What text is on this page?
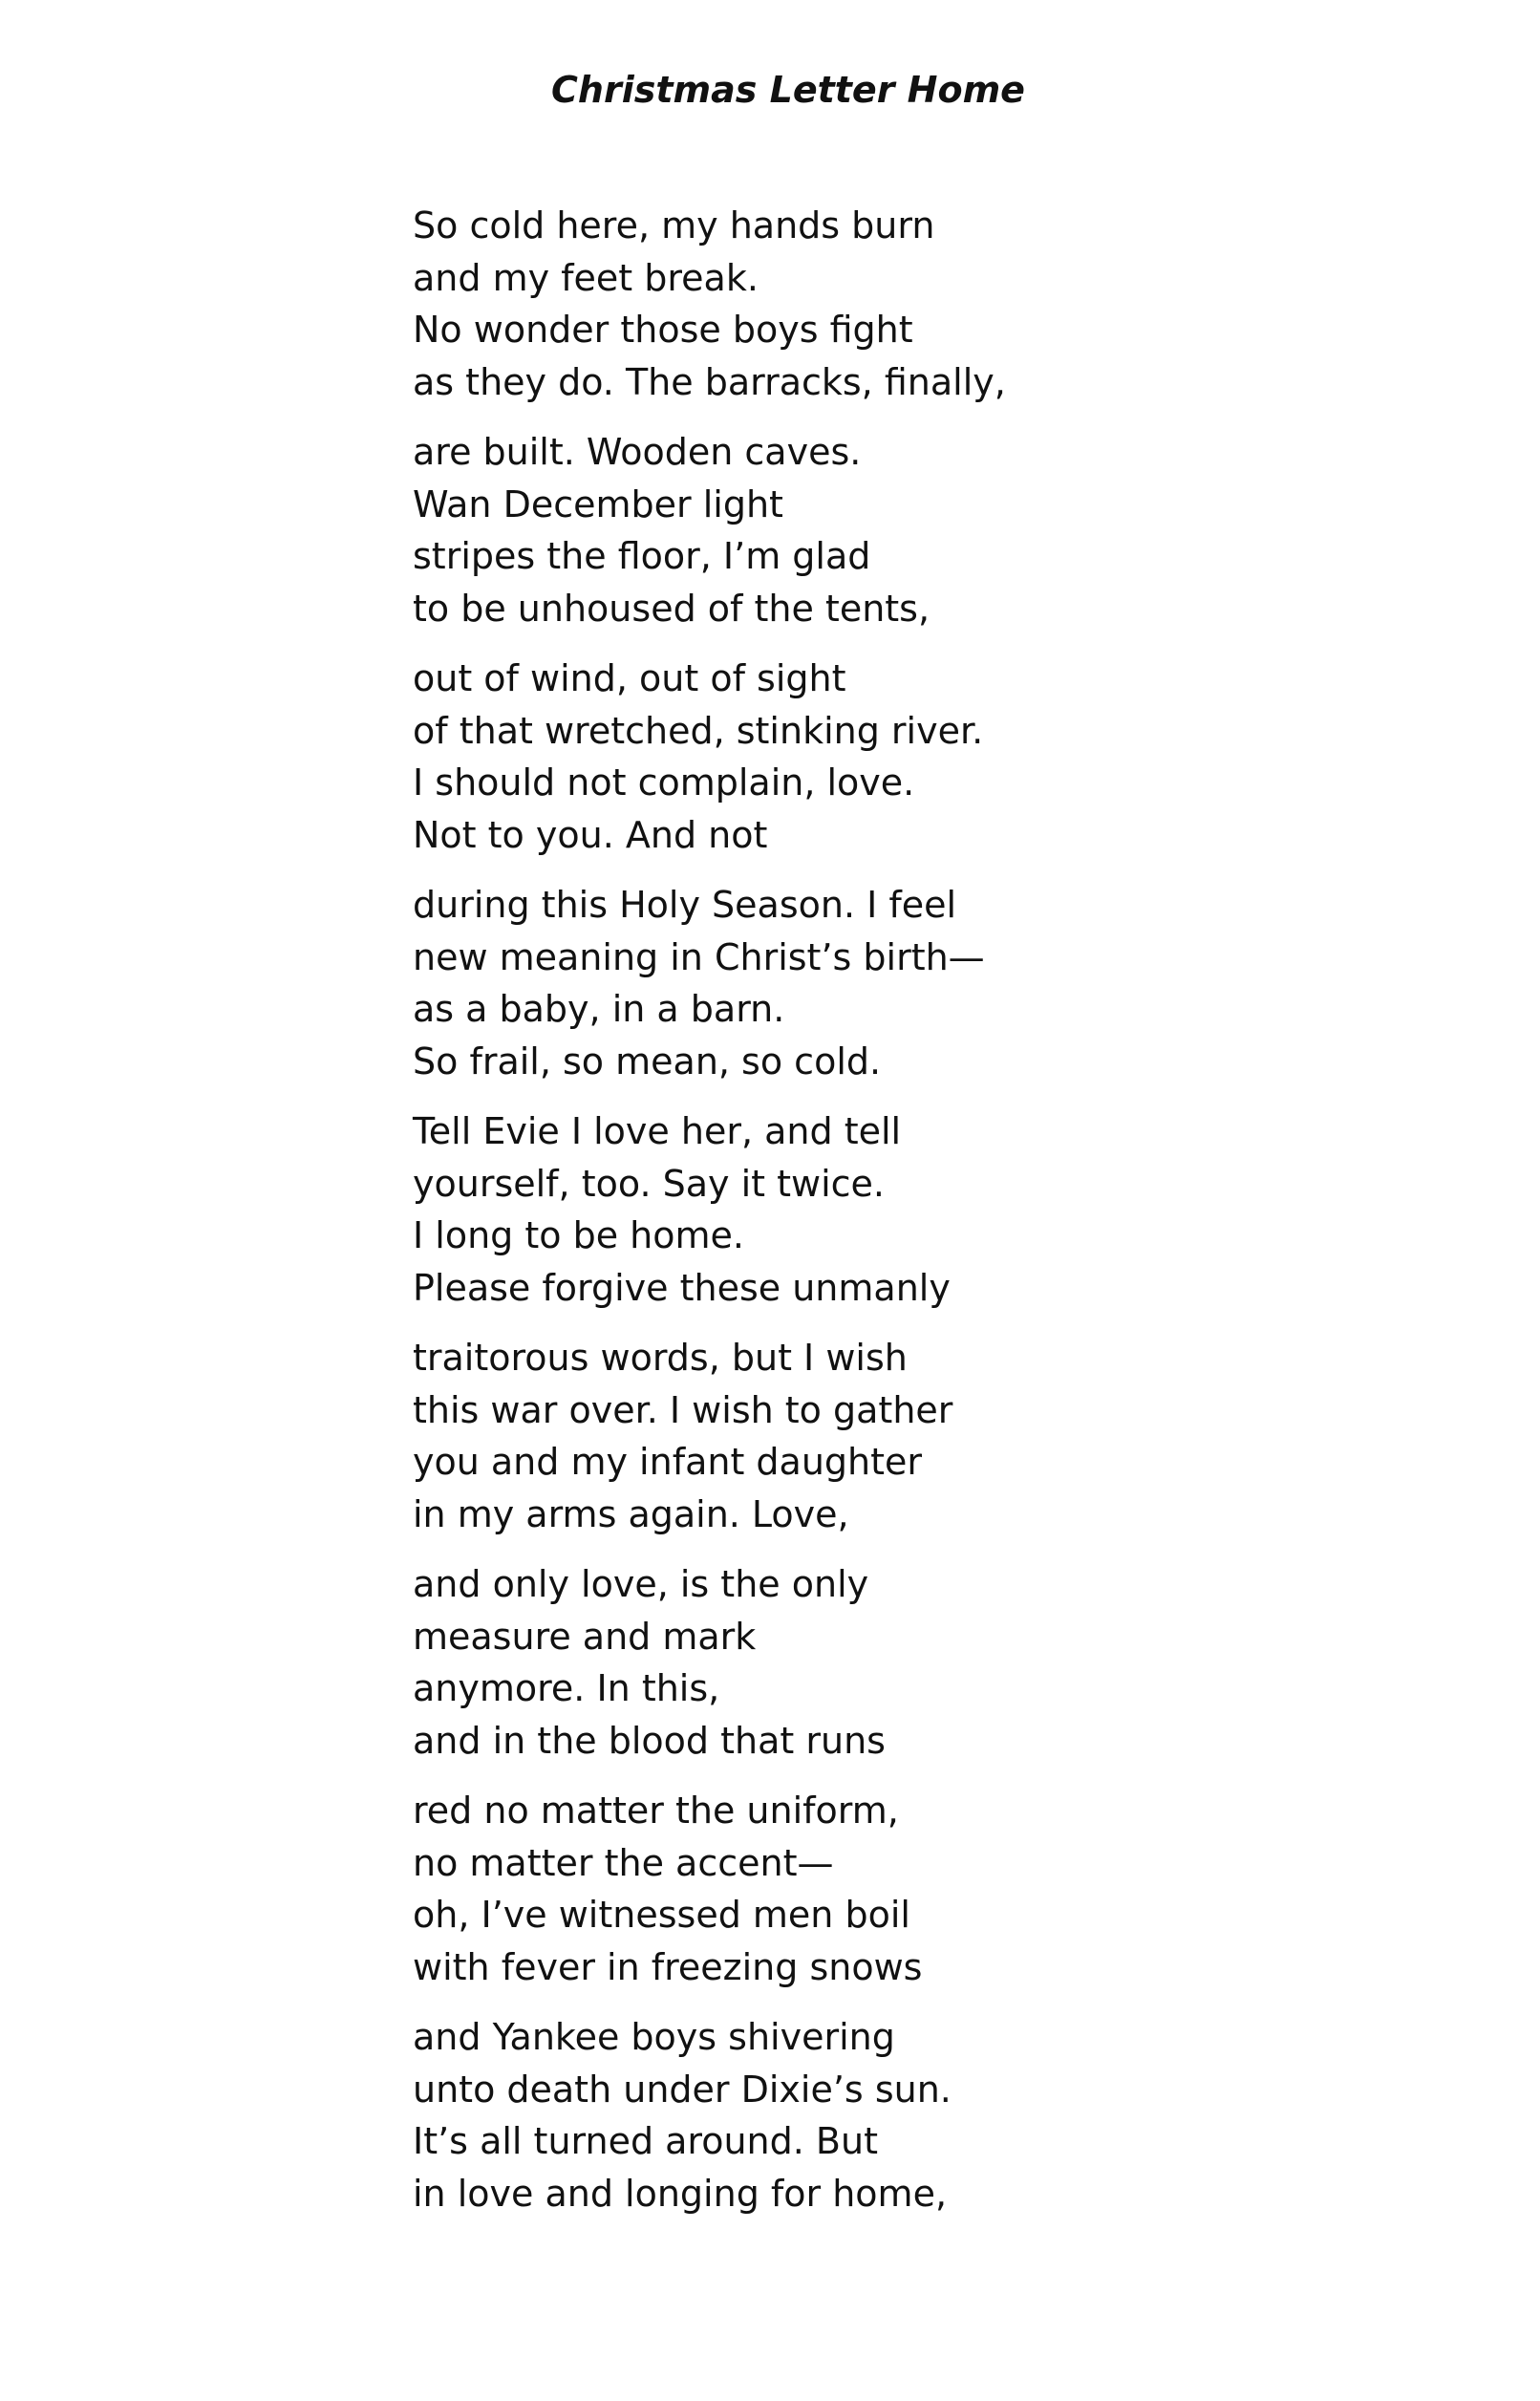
Christmas Letter Home
So cold here, my hands burn
and my feet break.
No wonder those boys fight
as they do. The barracks, finally,
are built. Wooden caves.
Wan December light
stripes the floor, I’m glad
to be unhoused of the tents,
out of wind, out of sight
of that wretched, stinking river.
I should not complain, love.
Not to you. And not
during this Holy Season. I feel
new meaning in Christ’s birth—
as a baby, in a barn.
So frail, so mean, so cold.
Tell Evie I love her, and tell
yourself, too. Say it twice.
I long to be home.
Please forgive these unmanly
traitorous words, but I wish
this war over. I wish to gather
you and my infant daughter
in my arms again. Love,
and only love, is the only
measure and mark
anymore. In this,
and in the blood that runs
red no matter the uniform,
no matter the accent—
oh, I’ve witnessed men boil
with fever in freezing snows
and Yankee boys shivering
unto death under Dixie’s sun.
It’s all turned around. But
in love and longing for home,
